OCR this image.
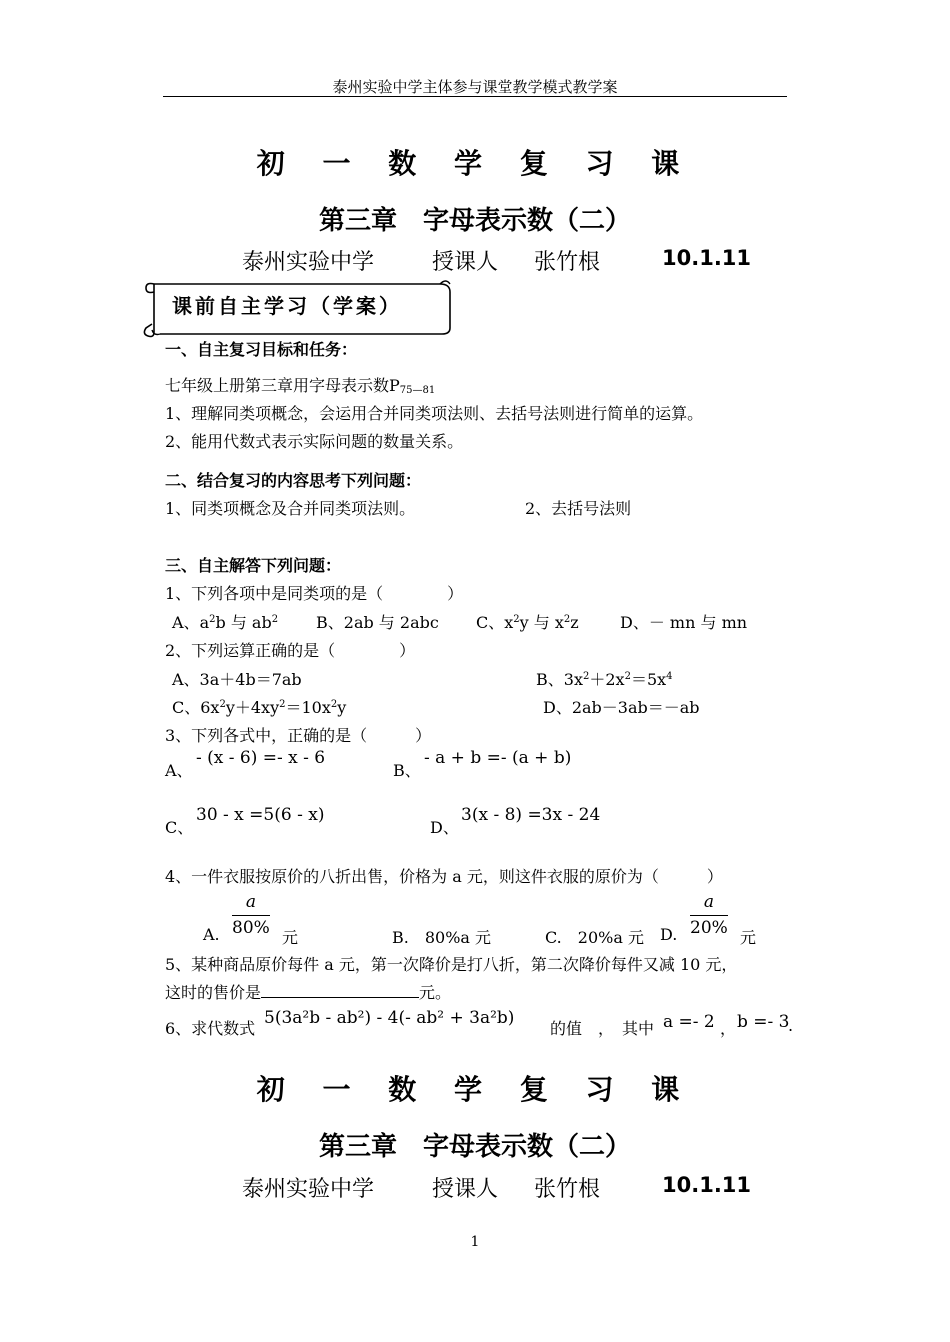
泰州实验中学主体参与课堂教学模式教学案
初 一 数 学 复 习 课
第三章　字母表示数（二）
泰州实验中学	授课人 张竹根	10.1.11
课前自主学习（学案）
一、自主复习目标和任务：
七年级上册第三章用字母表示数$P_{75—81}$
1、理解同类项概念，会运用合并同类项法则、去括号法则进行简单的运算。
2、能用代数式表示实际问题的数量关系。
二、结合复习的内容思考下列问题：
1、同类项概念及合并同类项法则。	2、去括号法则
三、自主解答下列问题：
1、下列各项中是同类项的是（　　　　）
A、$a^2b$ 与 $ab^2$ B、2ab 与 2abc C、$x^2y$ 与 $x^2z$	D、－ mn 与 mn
2、下列运算正确的是（　　　　）
A、3a＋4b＝7ab	B、$3x^2+2x^2=5x^4$
C、$6x^2y+4xy^2=10x^2y$	D、2ab－3ab＝－ab
3、下列各式中，正确的是（　　　）
A、
- (x - 6) =- x - 6
B、
- a + b =- (a + b)
C、
30 - x =5(6 - x)
D、
3(x - 8) =3x - 24
4、一件衣服按原价的八折出售，价格为 a 元，则这件衣服的原价为（　　　）
A. $\frac{a}{80\%}$ 元	B.　80%a 元	C.　20%a 元 D. $\frac{a}{20\%}$ 元
5、某种商品原价每件 a 元，第一次降价是打八折，第二次降价每件又减 10 元，
这时的售价是	元。
6、求代数式
5(3a²b - ab²) - 4(- ab² + 3a²b)
的值　，　其中 a =- 2 ， b =- 3
.
初 一 数 学 复 习 课
第三章　字母表示数（二）
泰州实验中学	授课人 张竹根	10.1.11
1
